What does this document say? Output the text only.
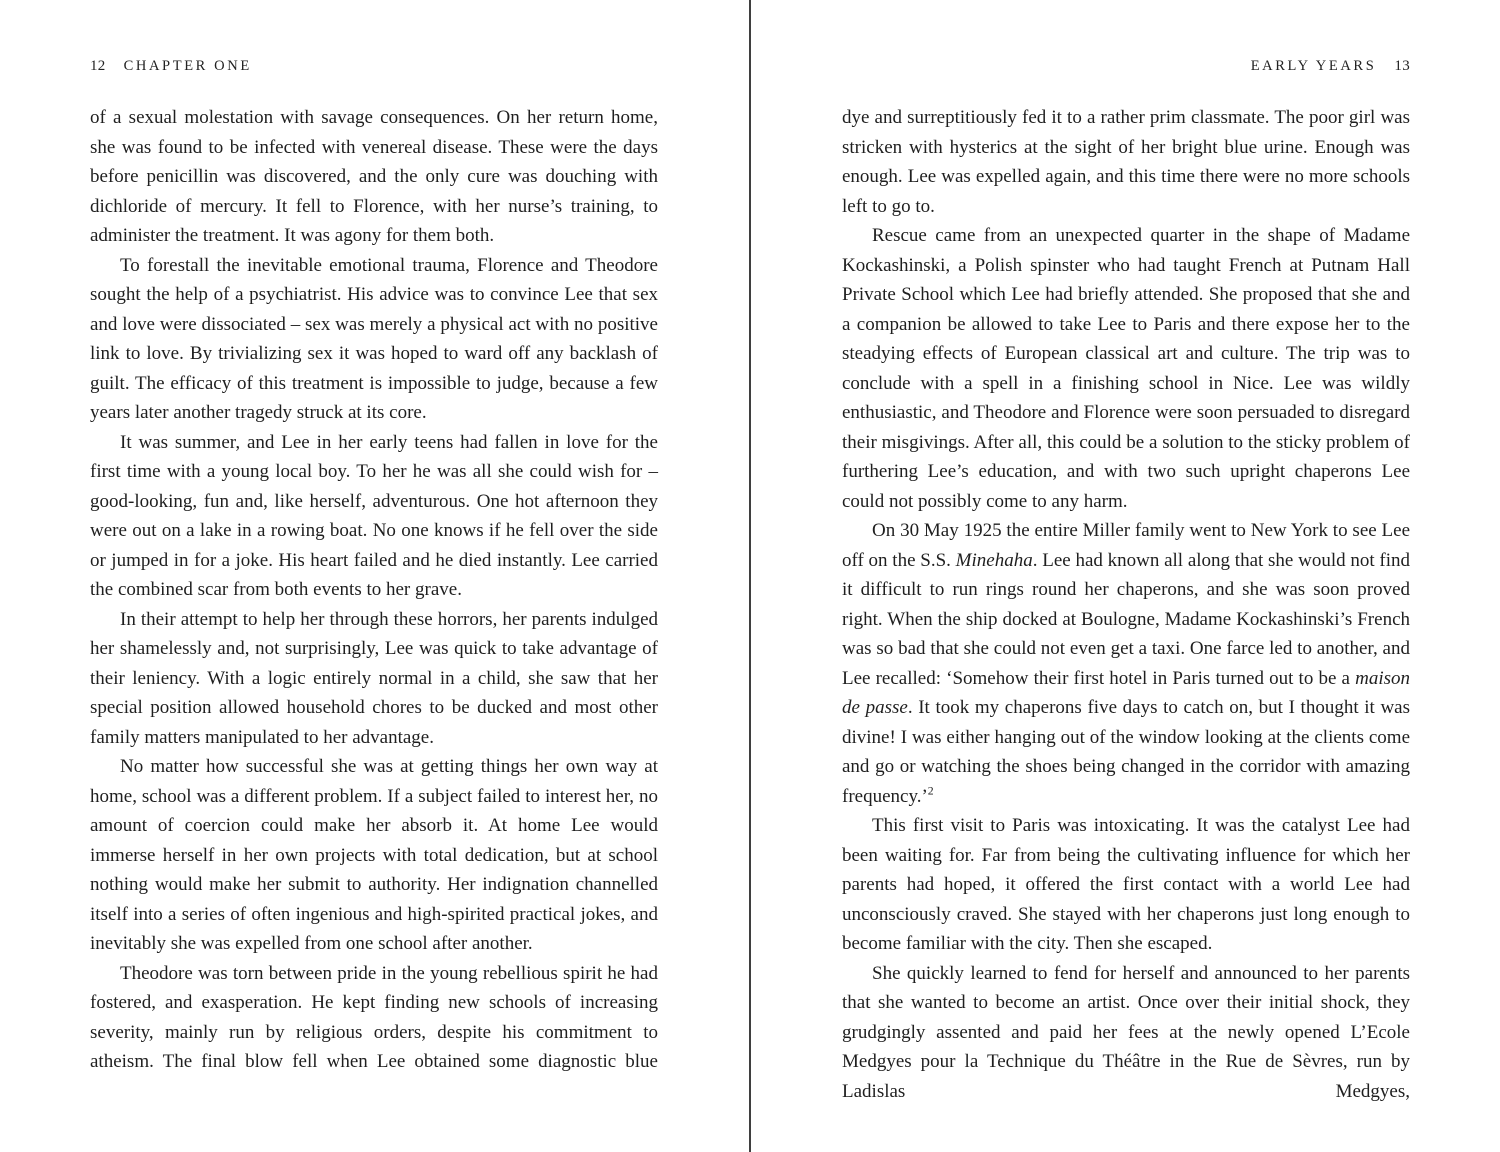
12 CHAPTER ONE

of a sexual molestation with savage consequences. On her return home, she was found to be infected with venereal disease. These were the days before penicillin was discovered, and the only cure was douching with dichloride of mercury. It fell to Florence, with her nurse’s training, to administer the treatment. It was agony for them both.

To forestall the inevitable emotional trauma, Florence and Theodore sought the help of a psychiatrist. His advice was to convince Lee that sex and love were dissociated – sex was merely a physical act with no positive link to love. By trivializing sex it was hoped to ward off any backlash of guilt. The efficacy of this treatment is impossible to judge, because a few years later another tragedy struck at its core.

It was summer, and Lee in her early teens had fallen in love for the first time with a young local boy. To her he was all she could wish for – good-looking, fun and, like herself, adventurous. One hot afternoon they were out on a lake in a rowing boat. No one knows if he fell over the side or jumped in for a joke. His heart failed and he died instantly. Lee carried the combined scar from both events to her grave.

In their attempt to help her through these horrors, her parents indulged her shamelessly and, not surprisingly, Lee was quick to take advantage of their leniency. With a logic entirely normal in a child, she saw that her special position allowed household chores to be ducked and most other family matters manipulated to her advantage.

No matter how successful she was at getting things her own way at home, school was a different problem. If a subject failed to interest her, no amount of coercion could make her absorb it. At home Lee would immerse herself in her own projects with total dedication, but at school nothing would make her submit to authority. Her indignation channelled itself into a series of often ingenious and high-spirited practical jokes, and inevitably she was expelled from one school after another.

Theodore was torn between pride in the young rebellious spirit he had fostered, and exasperation. He kept finding new schools of increasing severity, mainly run by religious orders, despite his commitment to atheism. The final blow fell when Lee obtained some diagnostic blue

EARLY YEARS 13

dye and surreptitiously fed it to a rather prim classmate. The poor girl was stricken with hysterics at the sight of her bright blue urine. Enough was enough. Lee was expelled again, and this time there were no more schools left to go to.

Rescue came from an unexpected quarter in the shape of Madame Kockashinski, a Polish spinster who had taught French at Putnam Hall Private School which Lee had briefly attended. She proposed that she and a companion be allowed to take Lee to Paris and there expose her to the steadying effects of European classical art and culture. The trip was to conclude with a spell in a finishing school in Nice. Lee was wildly enthusiastic, and Theodore and Florence were soon persuaded to disregard their misgivings. After all, this could be a solution to the sticky problem of furthering Lee’s education, and with two such upright chaperons Lee could not possibly come to any harm.

On 30 May 1925 the entire Miller family went to New York to see Lee off on the S.S. Minehaha. Lee had known all along that she would not find it difficult to run rings round her chaperons, and she was soon proved right. When the ship docked at Boulogne, Madame Kockashinski’s French was so bad that she could not even get a taxi. One farce led to another, and Lee recalled: ‘Somehow their first hotel in Paris turned out to be a maison de passe. It took my chaperons five days to catch on, but I thought it was divine! I was either hanging out of the window looking at the clients come and go or watching the shoes being changed in the corridor with amazing frequency.’$^2$

This first visit to Paris was intoxicating. It was the catalyst Lee had been waiting for. Far from being the cultivating influence for which her parents had hoped, it offered the first contact with a world Lee had unconsciously craved. She stayed with her chaperons just long enough to become familiar with the city. Then she escaped.

She quickly learned to fend for herself and announced to her parents that she wanted to become an artist. Once over their initial shock, they grudgingly assented and paid her fees at the newly opened L’Ecole Medgyes pour la Technique du Théâtre in the Rue de Sèvres, run by Ladislas Medgyes,
